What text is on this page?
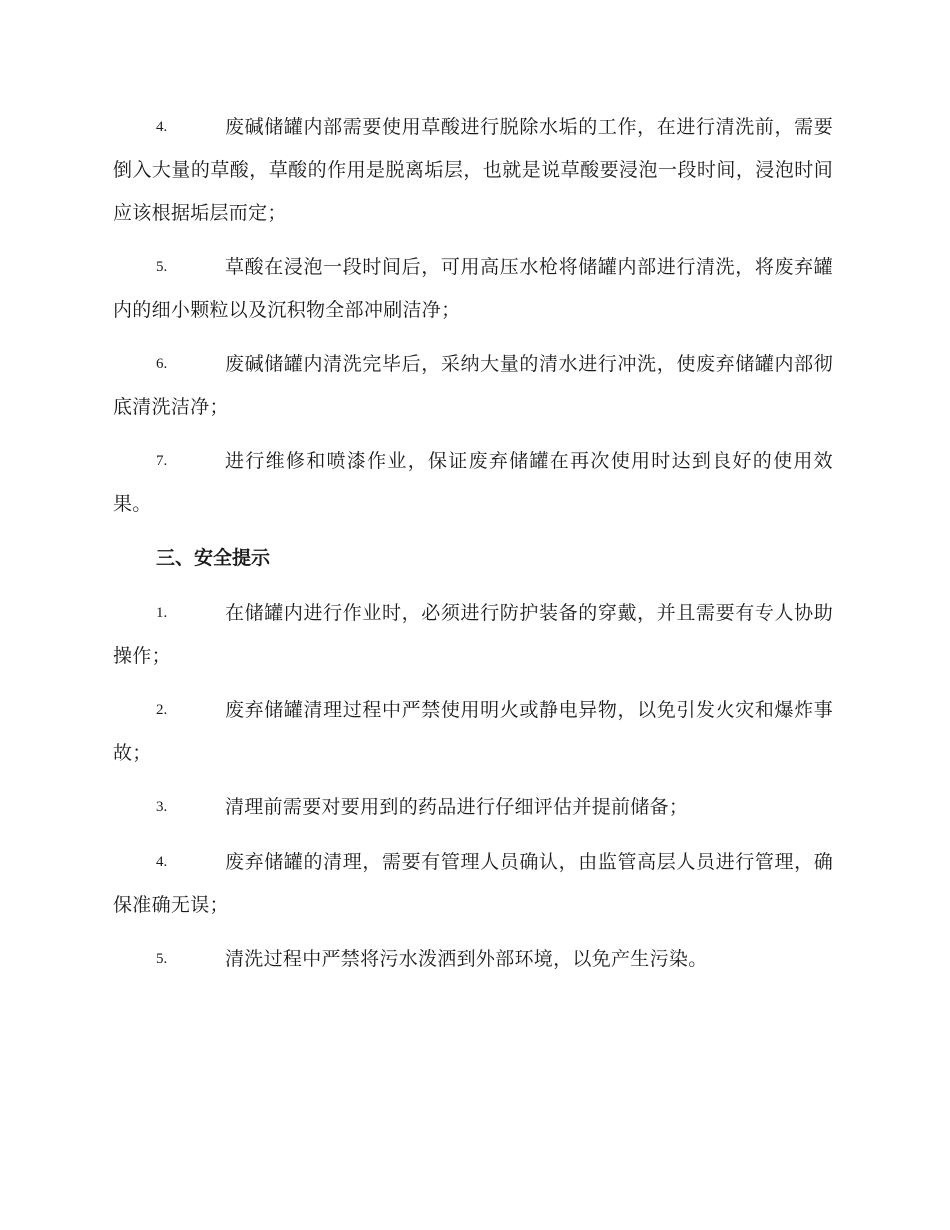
4.	废碱储罐内部需要使用草酸进行脱除水垢的工作，在进行清洗前，需要倒入大量的草酸，草酸的作用是脱离垢层，也就是说草酸要浸泡一段时间，浸泡时间应该根据垢层而定；
5.	草酸在浸泡一段时间后，可用高压水枪将储罐内部进行清洗，将废弃罐内的细小颗粒以及沉积物全部冲刷洁净；
6.	废碱储罐内清洗完毕后，采纳大量的清水进行冲洗，使废弃储罐内部彻底清洗洁净；
7.	进行维修和喷漆作业，保证废弃储罐在再次使用时达到良好的使用效果。
三、安全提示
1.	在储罐内进行作业时，必须进行防护装备的穿戴，并且需要有专人协助操作；
2.	废弃储罐清理过程中严禁使用明火或静电异物，以免引发火灾和爆炸事故；
3.	清理前需要对要用到的药品进行仔细评估并提前储备；
4.	废弃储罐的清理，需要有管理人员确认，由监管高层人员进行管理，确保准确无误；
5.	清洗过程中严禁将污水泼洒到外部环境，以免产生污染。
